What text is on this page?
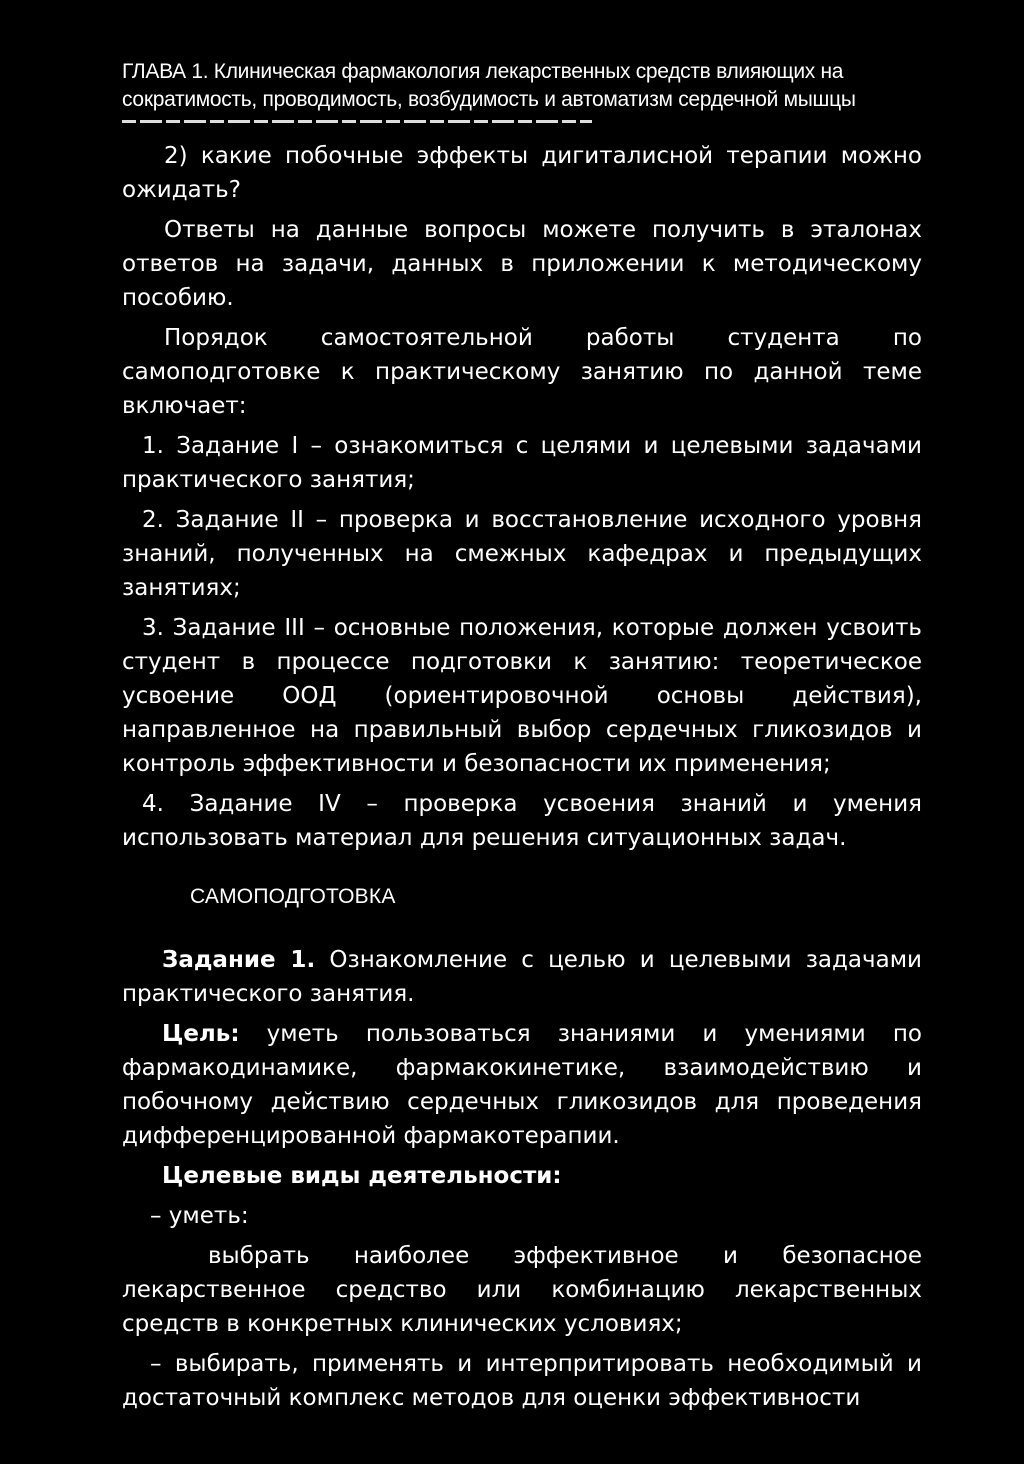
ГЛАВА 1. Клиническая фармакология лекарственных средств влияющих на сократимость, проводимость, возбудимость и автоматизм сердечной мышцы

2) какие побочные эффекты дигиталисной терапии можно ожидать?

Ответы на данные вопросы можете получить в эталонах ответов на задачи, данных в приложении к методическому пособию.

Порядок самостоятельной работы студента по самоподготовке к практическому занятию по данной теме включает:

1. Задание I – ознакомиться с целями и целевыми задачами практического занятия;

2. Задание II – проверка и восстановление исходного уровня знаний, полученных на смежных кафедрах и предыдущих занятиях;

3. Задание III – основные положения, которые должен усвоить студент в процессе подготовки к занятию: теоретическое усвоение ООД (ориентировочной основы действия), направленное на правильный выбор сердечных гликозидов и контроль эффективности и безопасности их применения;

4. Задание IV – проверка усвоения знаний и умения использовать материал для решения ситуационных задач.

САМОПОДГОТОВКА

Задание 1. Ознакомление с целью и целевыми задачами практического занятия.

Цель: уметь пользоваться знаниями и умениями по фармакодинамике, фармакокинетике, взаимодействию и побочному действию сердечных гликозидов для проведения дифференцированной фармакотерапии.

Целевые виды деятельности:

– уметь:

выбрать наиболее эффективное и безопасное лекарственное средство или комбинацию лекарственных средств в конкретных клинических условиях;

– выбирать, применять и интерпритировать необходимый и достаточный комплекс методов для оценки эффективности
